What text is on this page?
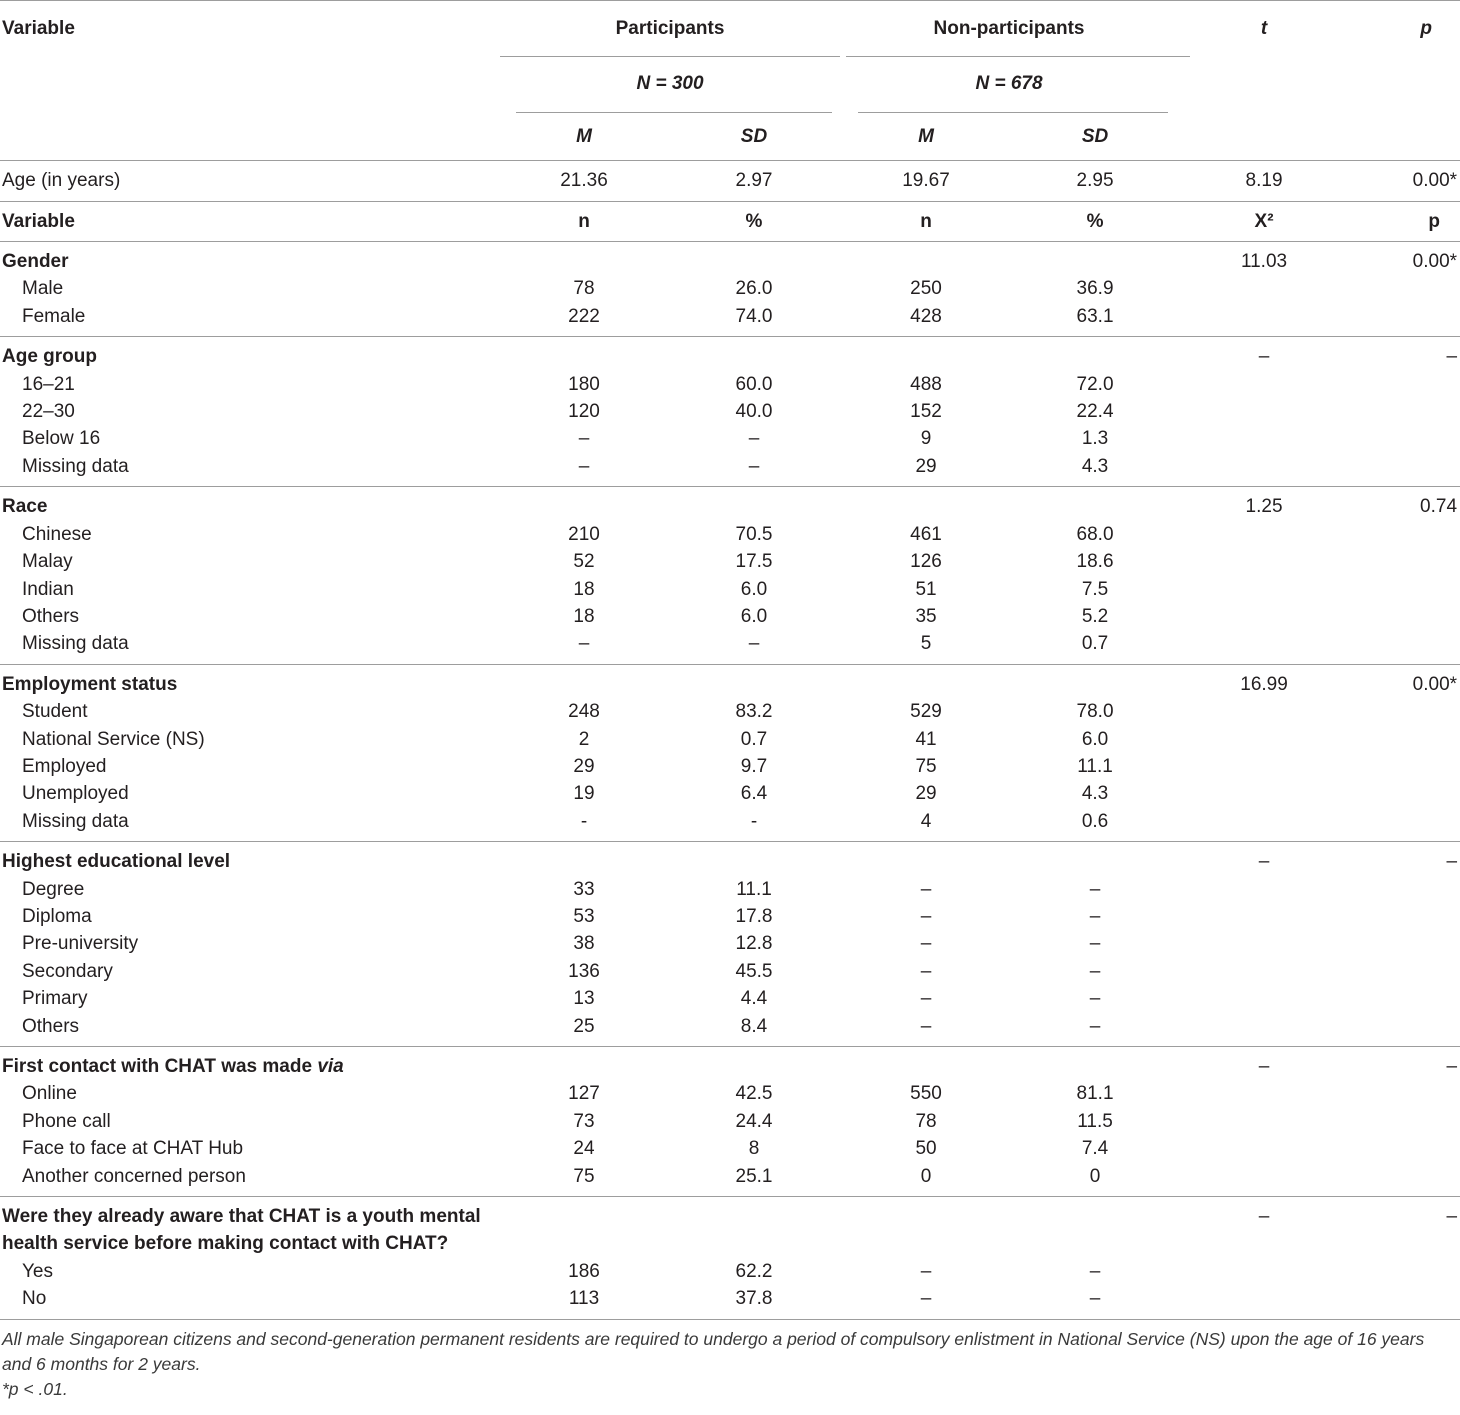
Variable	Participants		Non-participants		t	p
	N = 300		N = 678	

	M	SD	M	SD		
Age (in years)	21.36	2.97	19.67	2.95	8.19	0.00*
Variable	n	%	n	%	X²	p
Gender					11.03	0.00*
Male	78	26.0	250	36.9		
Female	222	74.0	428	63.1		
Age group					–	–
16–21	180	60.0	488	72.0		
22–30	120	40.0	152	22.4		
Below 16	–	–	9	1.3		
Missing data	–	–	29	4.3		
Race					1.25	0.74
Chinese	210	70.5	461	68.0		
Malay	52	17.5	126	18.6		
Indian	18	6.0	51	7.5		
Others	18	6.0	35	5.2		
Missing data	–	–	5	0.7		
Employment status					16.99	0.00*
Student	248	83.2	529	78.0		
National Service (NS)	2	0.7	41	6.0		
Employed	29	9.7	75	11.1		
Unemployed	19	6.4	29	4.3		
Missing data	-	-	4	0.6		
Highest educational level					–	–
Degree	33	11.1	–	–		
Diploma	53	17.8	–	–		
Pre-university	38	12.8	–	–		
Secondary	136	45.5	–	–		
Primary	13	4.4	–	–		
Others	25	8.4	–	–		
First contact with CHAT was made via					–	–
Online	127	42.5	550	81.1		
Phone call	73	24.4	78	11.5		
Face to face at CHAT Hub	24	8	50	7.4		
Another concerned person	75	25.1	0	0		
Were they already aware that CHAT is a youth mental health service before making contact with CHAT?					–	–
Yes	186	62.2	–	–		
No	113	37.8	–	–		

All male Singaporean citizens and second-generation permanent residents are required to undergo a period of compulsory enlistment in National Service (NS) upon the age of 16 years and 6 months for 2 years.

*p < .01.
